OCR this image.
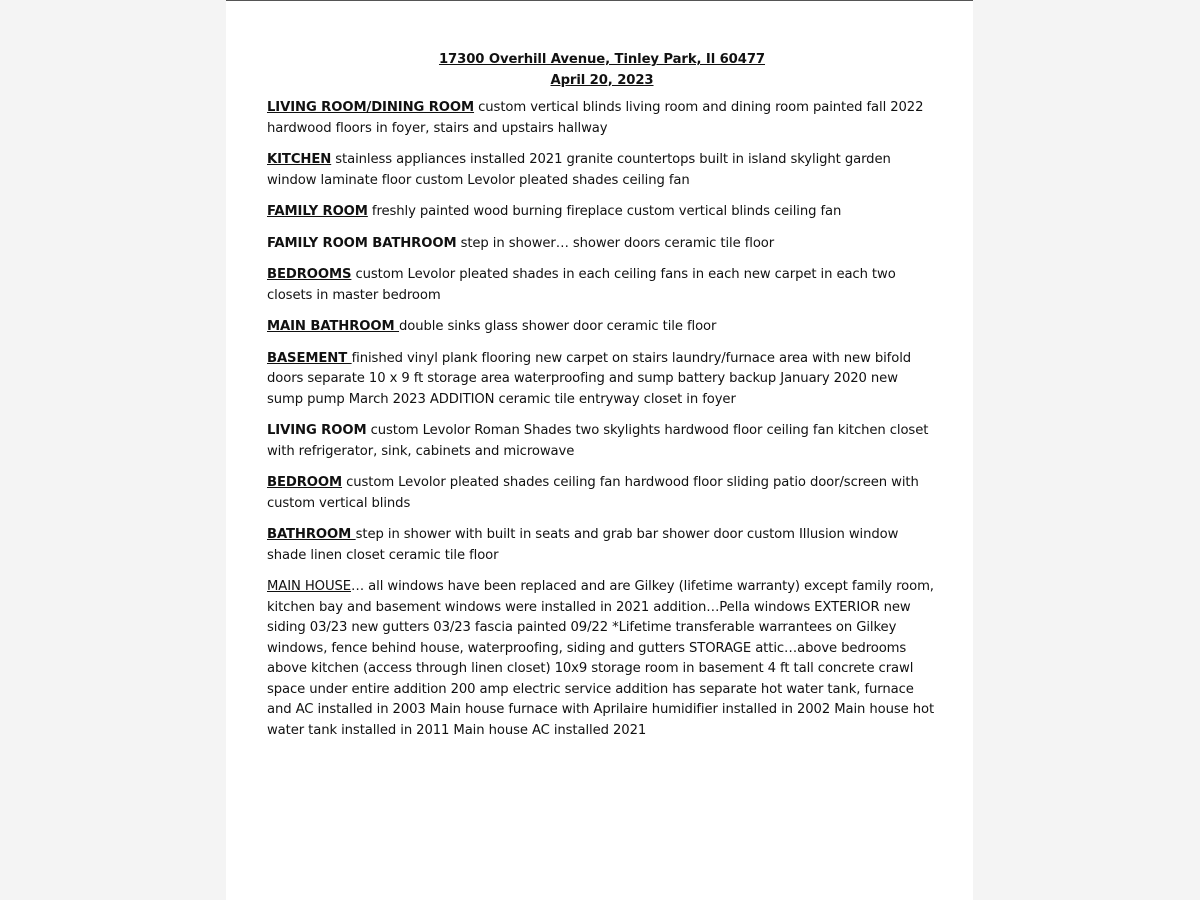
17300 Overhill Avenue, Tinley Park, Il 60477
April 20, 2023

LIVING ROOM/DINING ROOM custom vertical blinds living room and dining room painted fall 2022 hardwood floors in foyer, stairs and upstairs hallway

KITCHEN stainless appliances installed 2021 granite countertops built in island skylight garden window laminate floor custom Levolor pleated shades ceiling fan

FAMILY ROOM freshly painted wood burning fireplace custom vertical blinds ceiling fan

FAMILY ROOM BATHROOM step in shower… shower doors ceramic tile floor

BEDROOMS custom Levolor pleated shades in each ceiling fans in each new carpet in each two closets in master bedroom

MAIN BATHROOM double sinks glass shower door ceramic tile floor

BASEMENT finished vinyl plank flooring new carpet on stairs laundry/furnace area with new bifold doors separate 10 x 9 ft storage area waterproofing and sump battery backup January 2020 new sump pump March 2023 ADDITION ceramic tile entryway closet in foyer

LIVING ROOM custom Levolor Roman Shades two skylights hardwood floor ceiling fan kitchen closet with refrigerator, sink, cabinets and microwave

BEDROOM custom Levolor pleated shades ceiling fan hardwood floor sliding patio door/screen with custom vertical blinds

BATHROOM step in shower with built in seats and grab bar shower door custom Illusion window shade linen closet ceramic tile floor

MAIN HOUSE… all windows have been replaced and are Gilkey (lifetime warranty) except family room, kitchen bay and basement windows were installed in 2021 addition…Pella windows EXTERIOR new siding 03/23 new gutters 03/23 fascia painted 09/22 *Lifetime transferable warrantees on Gilkey windows, fence behind house, waterproofing, siding and gutters STORAGE attic…above bedrooms above kitchen (access through linen closet) 10x9 storage room in basement 4 ft tall concrete crawl space under entire addition 200 amp electric service addition has separate hot water tank, furnace and AC installed in 2003 Main house furnace with Aprilaire humidifier installed in 2002 Main house hot water tank installed in 2011 Main house AC installed 2021
